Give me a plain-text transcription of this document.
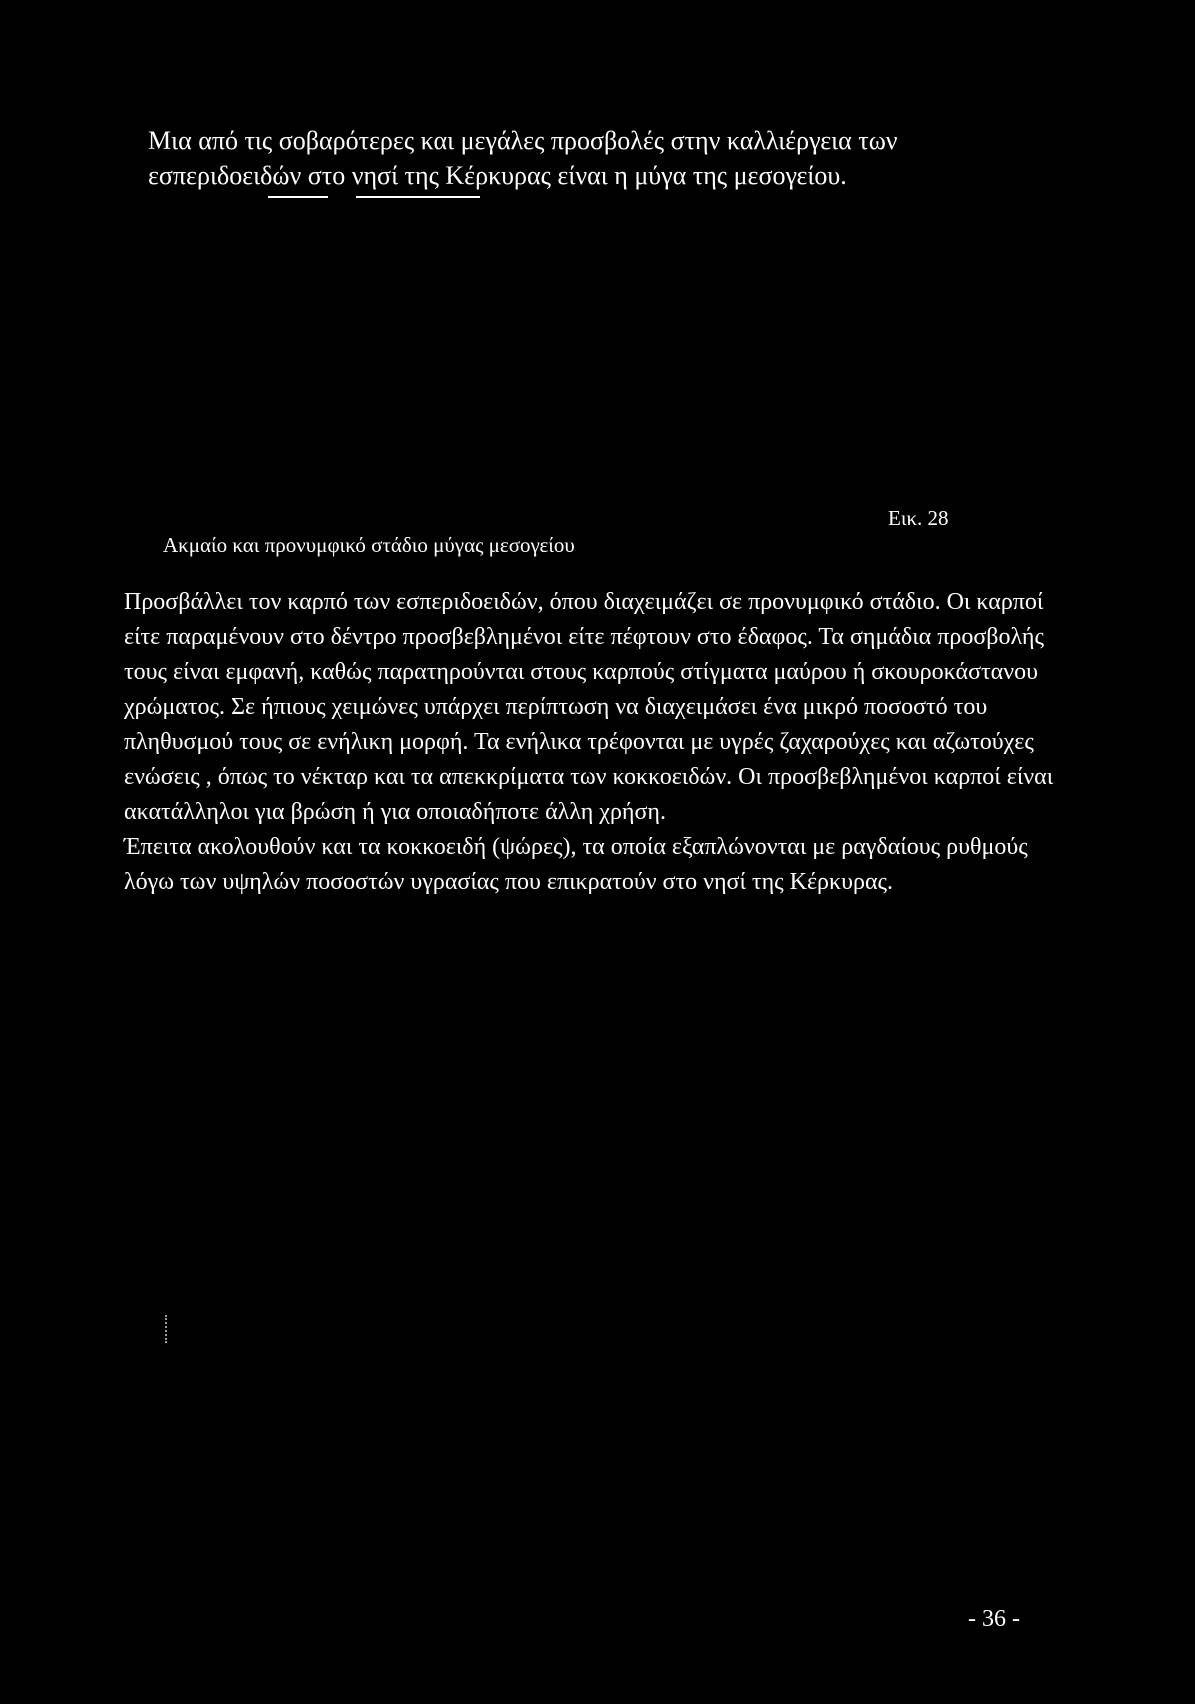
Μια από τις σοβαρότερες και μεγάλες προσβολές στην καλλιέργεια των
εσπεριδοειδών στο νησί της Κέρκυρας είναι η μύγα της μεσογείου.

Εικ. 28

Ακμαίο και προνυμφικό στάδιο μύγας μεσογείου

Προσβάλλει τον καρπό των εσπεριδοειδών, όπου διαχειμάζει σε προνυμφικό στάδιο. Οι καρποί είτε παραμένουν στο δέντρο προσβεβλημένοι είτε πέφτουν στο έδαφος. Τα σημάδια προσβολής τους είναι εμφανή, καθώς παρατηρούνται στους καρπούς στίγματα μαύρου ή σκουροκάστανου χρώματος. Σε ήπιους χειμώνες υπάρχει περίπτωση να διαχειμάσει ένα μικρό ποσοστό του πληθυσμού τους σε ενήλικη μορφή. Τα ενήλικα τρέφονται με υγρές ζαχαρούχες και αζωτούχες ενώσεις , όπως το νέκταρ και τα απεκκρίματα των κοκκοειδών. Οι προσβεβλημένοι καρποί είναι ακατάλληλοι για βρώση ή για οποιαδήποτε άλλη χρήση.

Έπειτα ακολουθούν και τα κοκκοειδή (ψώρες), τα οποία εξαπλώνονται με ραγδαίους ρυθμούς λόγω των υψηλών ποσοστών υγρασίας που επικρατούν στο νησί της Κέρκυρας.

- 36 -
